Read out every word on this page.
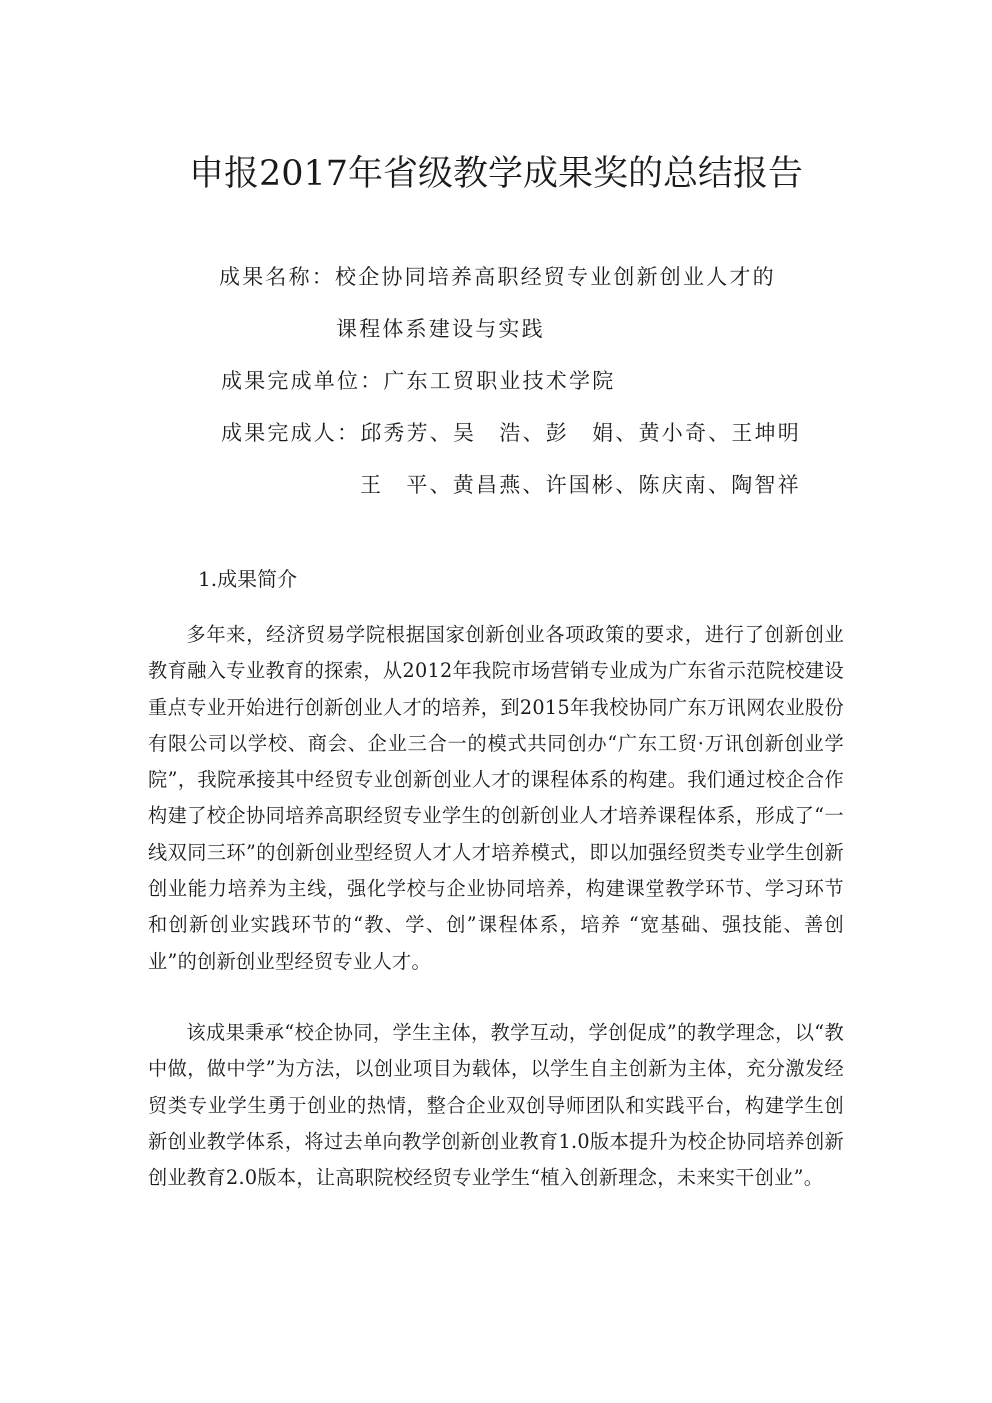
申报2017年省级教学成果奖的总结报告
成果名称：校企协同培养高职经贸专业创新创业人才的
课程体系建设与实践
成果完成单位：广东工贸职业技术学院
成果完成人：邱秀芳、吴　浩、彭　娟、黄小奇、王坤明
王　平、黄昌燕、许国彬、陈庆南、陶智祥
1.成果简介
多年来，经济贸易学院根据国家创新创业各项政策的要求，进行了创新创业教育融入专业教育的探索，从2012年我院市场营销专业成为广东省示范院校建设重点专业开始进行创新创业人才的培养，到2015年我校协同广东万讯网农业股份有限公司以学校、商会、企业三合一的模式共同创办“广东工贸·万讯创新创业学院”，我院承接其中经贸专业创新创业人才的课程体系的构建。我们通过校企合作构建了校企协同培养高职经贸专业学生的创新创业人才培养课程体系，形成了“一线双同三环”的创新创业型经贸人才人才培养模式，即以加强经贸类专业学生创新创业能力培养为主线，强化学校与企业协同培养，构建课堂教学环节、学习环节和创新创业实践环节的“教、学、创”课程体系，培养 “宽基础、强技能、善创业”的创新创业型经贸专业人才。
该成果秉承“校企协同，学生主体，教学互动，学创促成”的教学理念，以“教中做，做中学”为方法，以创业项目为载体，以学生自主创新为主体，充分激发经贸类专业学生勇于创业的热情，整合企业双创导师团队和实践平台，构建学生创新创业教学体系，将过去单向教学创新创业教育1.0版本提升为校企协同培养创新创业教育2.0版本，让高职院校经贸专业学生“植入创新理念，未来实干创业”。
